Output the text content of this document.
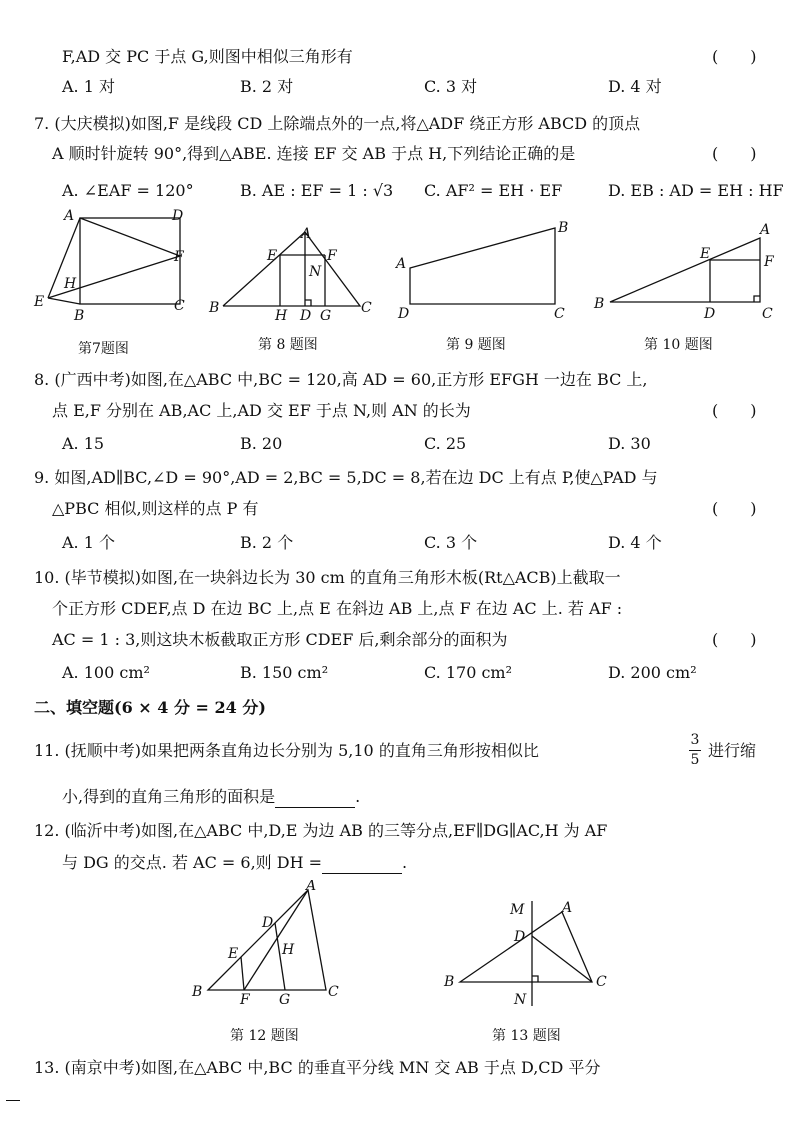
F,AD 交 PC 于点 G,则图中相似三角形有	(　　)
A. 1 对	B. 2 对	C. 3 对	D. 4 对
7. (大庆模拟)如图,F 是线段 CD 上除端点外的一点,将△ADF 绕正方形 ABCD 的顶点
A 顺时针旋转 90°,得到△ABE. 连接 EF 交 AB 于点 H,下列结论正确的是	(　　)
A. ∠EAF = 120°	B. AE : EF = 1 : √3 C. AF² = EH · EF	D. EB : AD = EH : HF
A	D
F
H
E
B
C
第7题图
A
E	F
N
B	H D G C
第 8 题图
B
A
D	C
第 9 题图
A
E	F
B
D	C
第 10 题图
8. (广西中考)如图,在△ABC 中,BC = 120,高 AD = 60,正方形 EFGH 一边在 BC 上,
点 E,F 分别在 AB,AC 上,AD 交 EF 于点 N,则 AN 的长为	(　　)
A. 15	B. 20	C. 25	D. 30
9. 如图,AD∥BC,∠D = 90°,AD = 2,BC = 5,DC = 8,若在边 DC 上有点 P,使△PAD 与
△PBC 相似,则这样的点 P 有	(　　)
A. 1 个	B. 2 个	C. 3 个	D. 4 个
10. (毕节模拟)如图,在一块斜边长为 30 cm 的直角三角形木板(Rt△ACB)上截取一
个正方形 CDEF,点 D 在边 BC 上,点 E 在斜边 AB 上,点 F 在边 AC 上. 若 AF :
AC = 1 : 3,则这块木板截取正方形 CDEF 后,剩余部分的面积为	(　　)
A. 100 cm²	B. 150 cm²	C. 170 cm²	D. 200 cm²
二、填空题(6 × 4 分 = 24 分)
11. (抚顺中考)如果把两条直角边长分别为 5,10 的直角三角形按相似比
3
5 进行缩
小,得到的直角三角形的面积是	.
12. (临沂中考)如图,在△ABC 中,D,E 为边 AB 的三等分点,EF∥DG∥AC,H 为 AF
与 DG 的交点. 若 AC = 6,则 DH =	.
A
D
E	H
B	F G	C
第 12 题图
M	A
D
B	C
N
第 13 题图
13. (南京中考)如图,在△ABC 中,BC 的垂直平分线 MN 交 AB 于点 D,CD 平分
